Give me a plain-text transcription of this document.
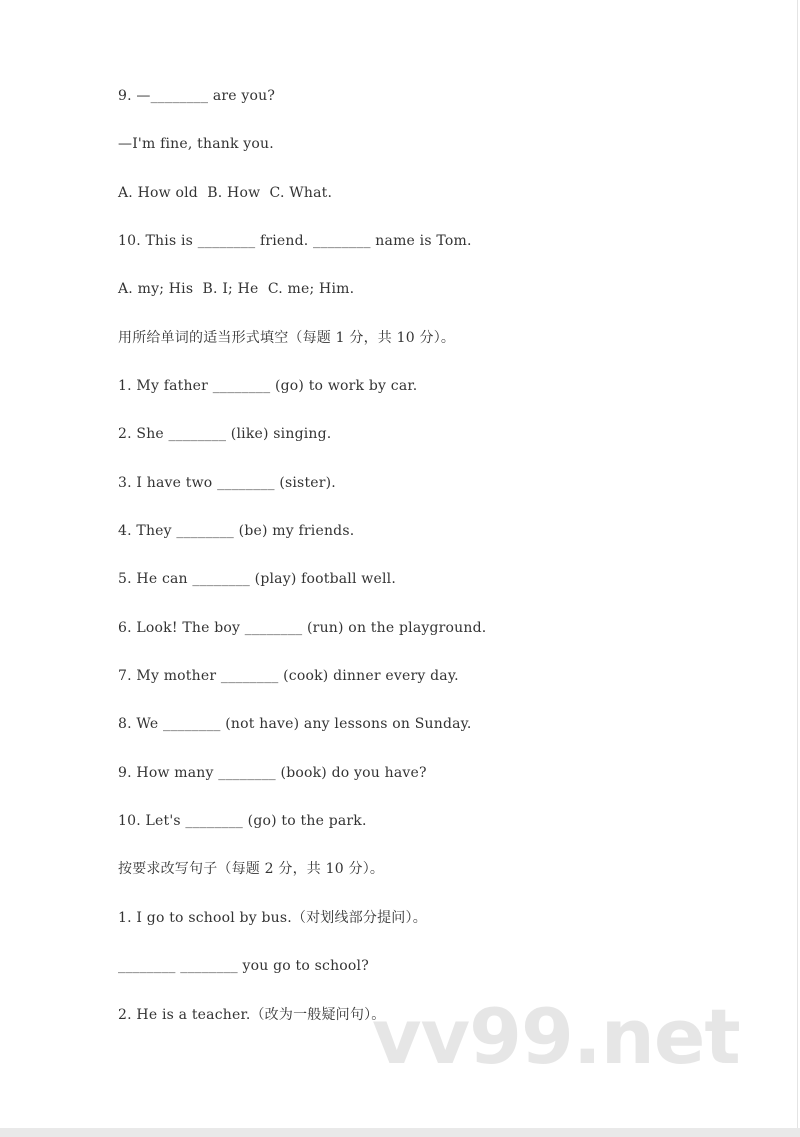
9. —________ are you?
—I'm fine, thank you.
A. How old  B. How  C. What.
10. This is ________ friend. ________ name is Tom.
A. my; His  B. I; He  C. me; Him.
用所给单词的适当形式填空（每题 1 分，共 10 分）。
1. My father ________ (go) to work by car.
2. She ________ (like) singing.
3. I have two ________ (sister).
4. They ________ (be) my friends.
5. He can ________ (play) football well.
6. Look! The boy ________ (run) on the playground.
7. My mother ________ (cook) dinner every day.
8. We ________ (not have) any lessons on Sunday.
9. How many ________ (book) do you have?
10. Let's ________ (go) to the park.
按要求改写句子（每题 2 分，共 10 分）。
1. I go to school by bus.（对划线部分提问）。
________ ________ you go to school?
2. He is a teacher.（改为一般疑问句）。
vv99.net
